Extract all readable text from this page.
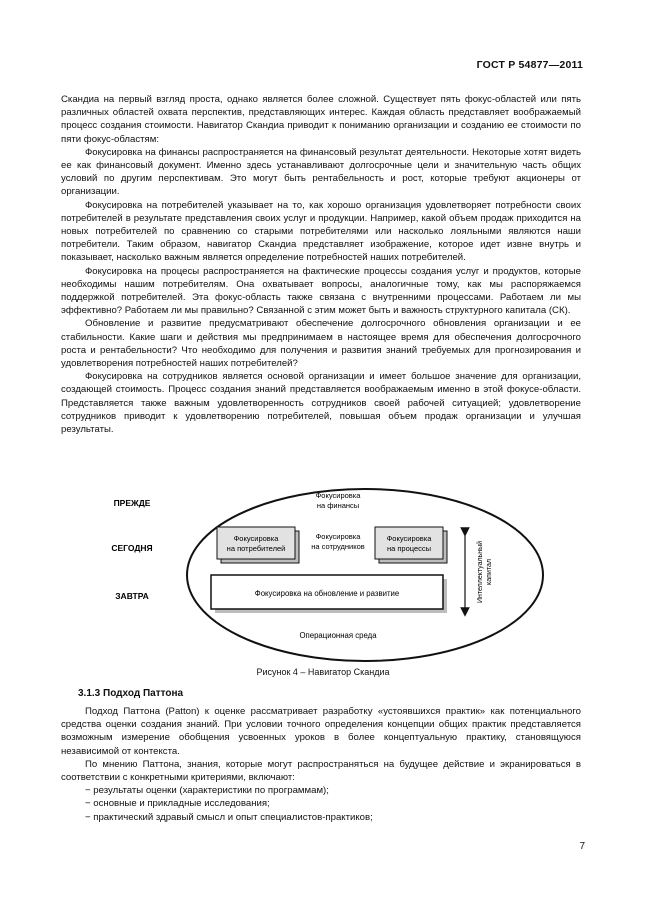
ГОСТ Р 54877—2011

Скандиа на первый взгляд проста, однако является более сложной. Существует пять фокус-областей или пять различных областей охвата перспектив, представляющих интерес. Каждая область представляет воображаемый процесс создания стоимости. Навигатор Скандиа приводит к пониманию организации и созданию ее стоимости по пяти фокус-областям:

Фокусировка на финансы распространяется на финансовый результат деятельности. Некоторые хотят видеть ее как финансовый документ. Именно здесь устанавливают долгосрочные цели и значительную часть общих условий по другим перспективам. Это могут быть рентабельность и рост, которые требуют акционеры от организации.

Фокусировка на потребителей указывает на то, как хорошо организация удовлетворяет потребности своих потребителей в результате представления своих услуг и продукции. Например, какой объем продаж приходится на новых потребителей по сравнению со старыми потребителями или насколько лояльными являются наши потребители. Таким образом, навигатор Скандиа представляет изображение, которое идет извне внутрь и показывает, насколько важным является определение потребностей наших потребителей.

Фокусировка на процесы распространяется на фактические процессы создания услуг и продуктов, которые необходимы нашим потребителям. Она охватывает вопросы, аналогичные тому, как мы распоряжаемся поддержкой потребителей. Эта фокус-область также связана с внутренними процессами. Работаем ли мы эффективно? Работаем ли мы правильно? Связанной с этим может быть и важность структурного капитала (СК).

Обновление и развитие предусматривают обеспечение долгосрочного обновления организации и ее стабильности. Какие шаги и действия мы предпринимаем в настоящее время для обеспечения долгосрочного роста и рентабельности? Что необходимо для получения и развития знаний требуемых для прогнозирования и удовлетворения потребностей наших потребителей?

Фокусировка на сотрудников является основой организации и имеет большое значение для организации, создающей стоимость. Процесс создания знаний представляется воображаемым именно в этой фокусе-области. Представляется также важным удовлетворенность сотрудников своей рабочей ситуацией; удовлетворение сотрудников приводит к удовлетворению потребителей, повышая объем продаж организации и улучшая результаты.

ПРЕЖДЕ
СЕГОДНЯ
ЗАВТРА
Фокусировка
на финансы
Фокусировка
на потребителей
Фокусировка
на сотрудников
Фокусировка
на процессы
Фокусировка на обновление и развитие
Операционная среда
Интеллектуальный капитал
Рисунок 4 – Навигатор Скандиа
3.1.3 Подход Паттона

Подход Паттона (Patton) к оценке рассматривает разработку «устоявшихся практик» как потенциального средства оценки создания знаний. При условии точного определения концепции общих практик представляется возможным измерение обобщения усвоенных уроков в более концептуальную практику, становящуюся независимой от контекста.

По мнению Паттона, знания, которые могут распространяться на будущее действие и экранироваться в соответствии с конкретными критериями, включают:

− результаты оценки (характеристики по программам);

− основные и прикладные исследования;

− практический здравый смысл и опыт специалистов-практиков;

7
